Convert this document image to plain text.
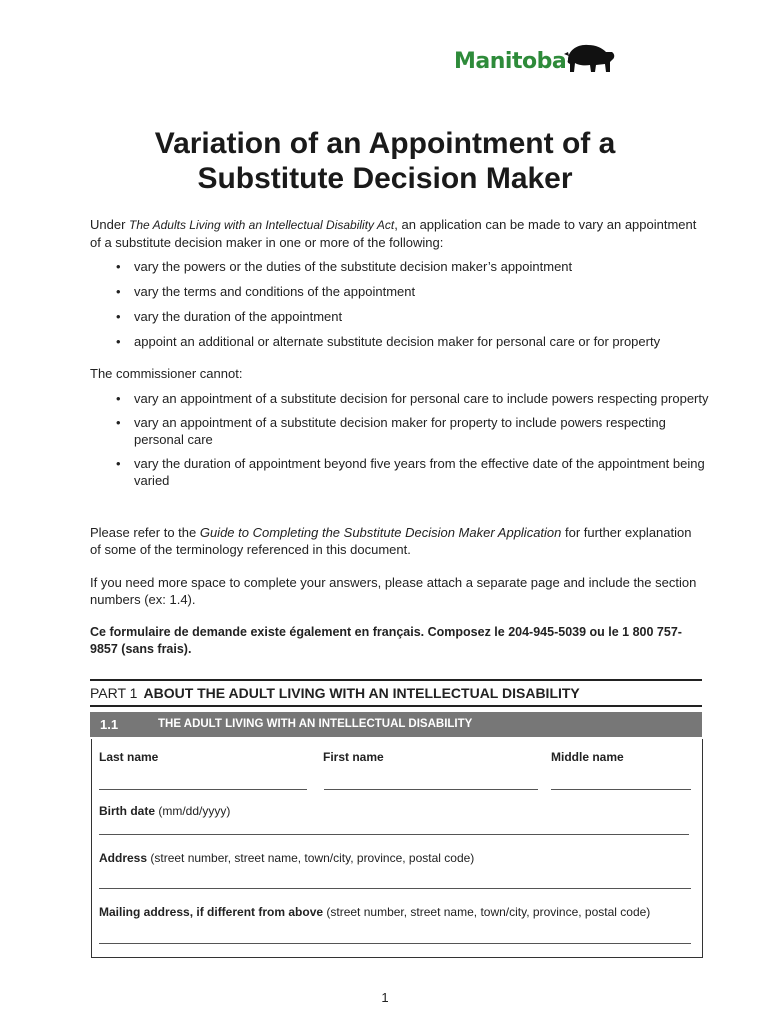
Manitoba
Variation of an Appointment of a
Substitute Decision Maker

Under The Adults Living with an Intellectual Disability Act, an application can be made to vary an appointment of a substitute decision maker in one or more of the following:

• vary the powers or the duties of the substitute decision maker’s appointment
• vary the terms and conditions of the appointment
• vary the duration of the appointment
• appoint an additional or alternate substitute decision maker for personal care or for property

The commissioner cannot:

• vary an appointment of a substitute decision for personal care to include powers respecting property
• vary an appointment of a substitute decision maker for property to include powers respecting personal care
• vary the duration of appointment beyond five years from the effective date of the appointment being varied

Please refer to the Guide to Completing the Substitute Decision Maker Application for further explanation of some of the terminology referenced in this document.

If you need more space to complete your answers, please attach a separate page and include the section numbers (ex: 1.4).

Ce formulaire de demande existe également en français. Composez le 204-945-5039 ou le 1 800 757-9857 (sans frais).

PART 1 ABOUT THE ADULT LIVING WITH AN INTELLECTUAL DISABILITY
1.1	THE ADULT LIVING WITH AN INTELLECTUAL DISABILITY
Last name	First name	Middle name
Birth date (mm/dd/yyyy)
Address (street number, street name, town/city, province, postal code)
Mailing address, if different from above (street number, street name, town/city, province, postal code)
1
